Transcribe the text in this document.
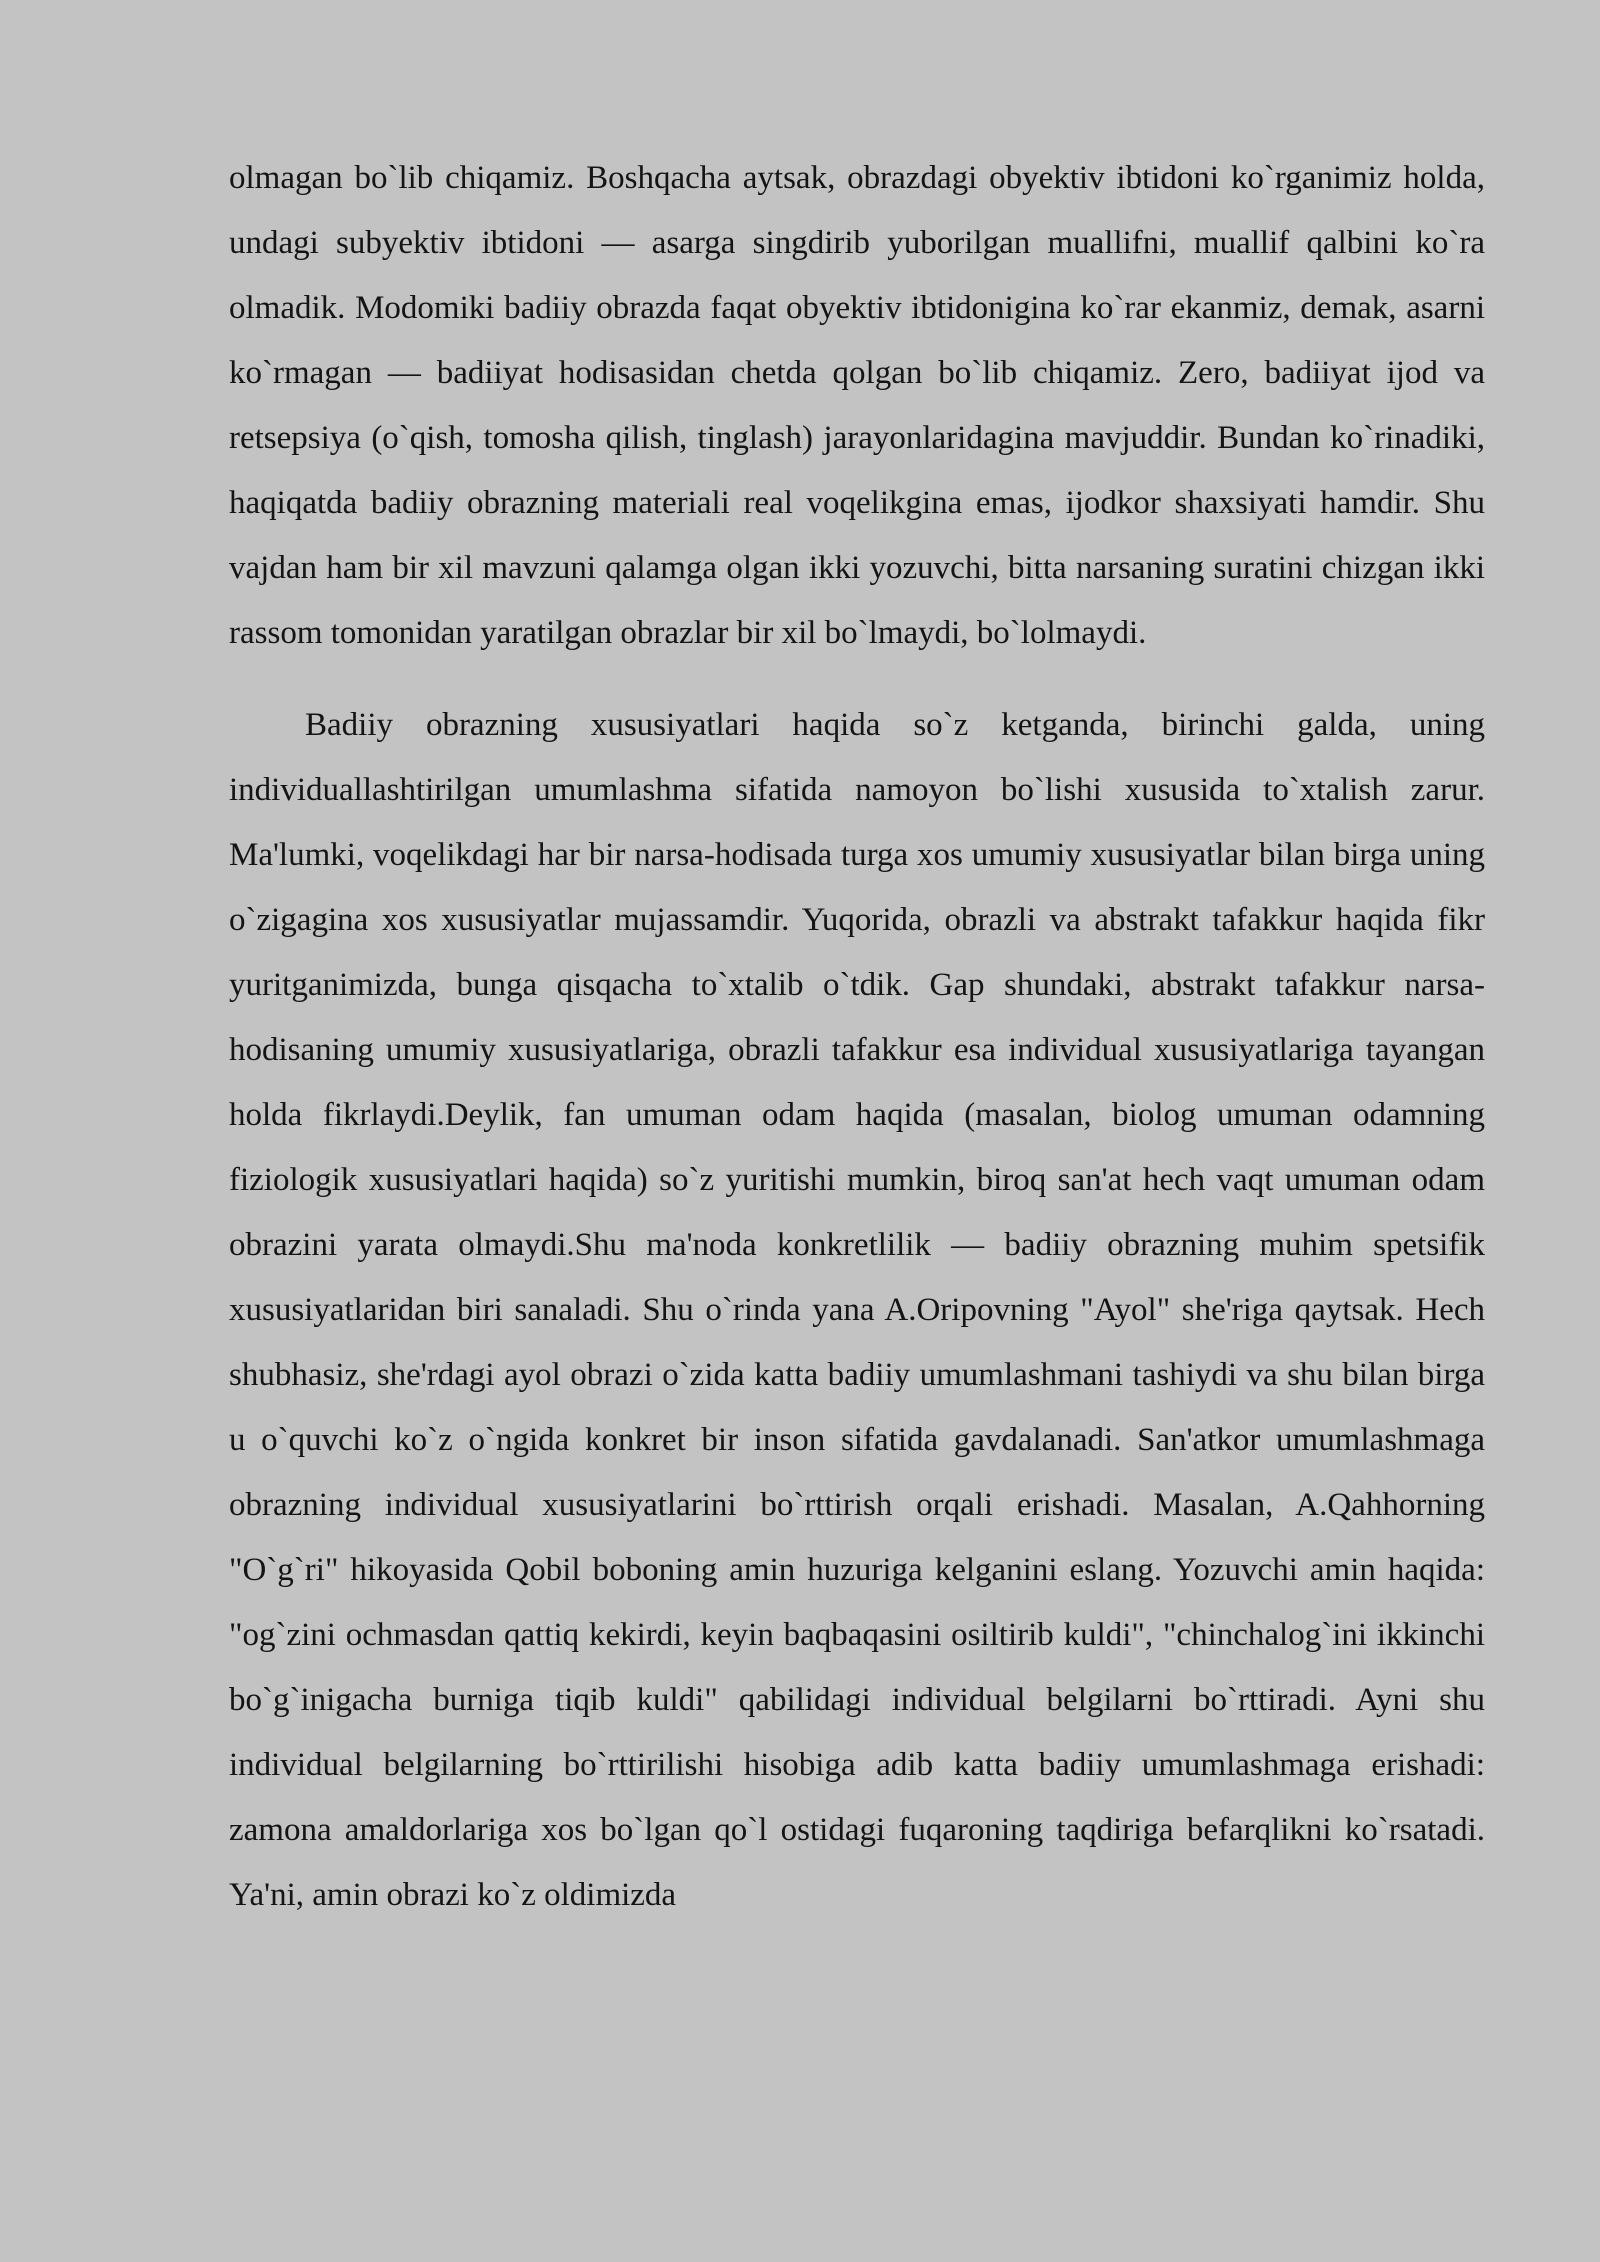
olmagan bo`lib chiqamiz. Boshqacha aytsak, obrazdagi obyektiv ibtidoni ko`rganimiz holda, undagi subyektiv ibtidoni — asarga singdirib yuborilgan muallifni, muallif qalbini ko`ra olmadik. Modomiki badiiy obrazda faqat obyektiv ibtidonigina ko`rar ekanmiz, demak, asarni ko`rmagan — badiiyat hodisasidan chetda qolgan bo`lib chiqamiz. Zero, badiiyat ijod va retsepsiya (o`qish, tomosha qilish, tinglash) jarayonlaridagina mavjuddir. Bundan ko`rinadiki, haqiqatda badiiy obrazning materiali real voqelikgina emas, ijodkor shaxsiyati hamdir. Shu vajdan ham bir xil mavzuni qalamga olgan ikki yozuvchi, bitta narsaning suratini chizgan ikki rassom tomonidan yaratilgan obrazlar bir xil bo`lmaydi, bo`lolmaydi.

Badiiy obrazning xususiyatlari haqida so`z ketganda, birinchi galda, uning individuallashtirilgan umumlashma sifatida namoyon bo`lishi xususida to`xtalish zarur. Ma'lumki, voqelikdagi har bir narsa-hodisada turga xos umumiy xususiyatlar bilan birga uning o`zigagina xos xususiyatlar mujassamdir. Yuqorida, obrazli va abstrakt tafakkur haqida fikr yuritganimizda, bunga qisqacha to`xtalib o`tdik. Gap shundaki, abstrakt tafakkur narsa-hodisaning umumiy xususiyatlariga, obrazli tafakkur esa individual xususiyatlariga tayangan holda fikrlaydi.Deylik, fan umuman odam haqida (masalan, biolog umuman odamning fiziologik xususiyatlari haqida) so`z yuritishi mumkin, biroq san'at hech vaqt umuman odam obrazini yarata olmaydi.Shu ma'noda konkretlilik — badiiy obrazning muhim spetsifik xususiyatlaridan biri sanaladi. Shu o`rinda yana A.Oripovning "Ayol" she'riga qaytsak. Hech shubhasiz, she'rdagi ayol obrazi o`zida katta badiiy umumlashmani tashiydi va shu bilan birga u o`quvchi ko`z o`ngida konkret bir inson sifatida gavdalanadi. San'atkor umumlashmaga obrazning individual xususiyatlarini bo`rttirish orqali erishadi. Masalan, A.Qahhorning "O`g`ri" hikoyasida Qobil boboning amin huzuriga kelganini eslang. Yozuvchi amin haqida: "og`zini ochmasdan qattiq kekirdi, keyin baqbaqasini osiltirib kuldi", "chinchalog`ini ikkinchi bo`g`inigacha burniga tiqib kuldi" qabilidagi individual belgilarni bo`rttiradi. Ayni shu individual belgilarning bo`rttirilishi hisobiga adib katta badiiy umumlashmaga erishadi: zamona amaldorlariga xos bo`lgan qo`l ostidagi fuqaroning taqdiriga befarqlikni ko`rsatadi. Ya'ni, amin obrazi ko`z oldimizda
